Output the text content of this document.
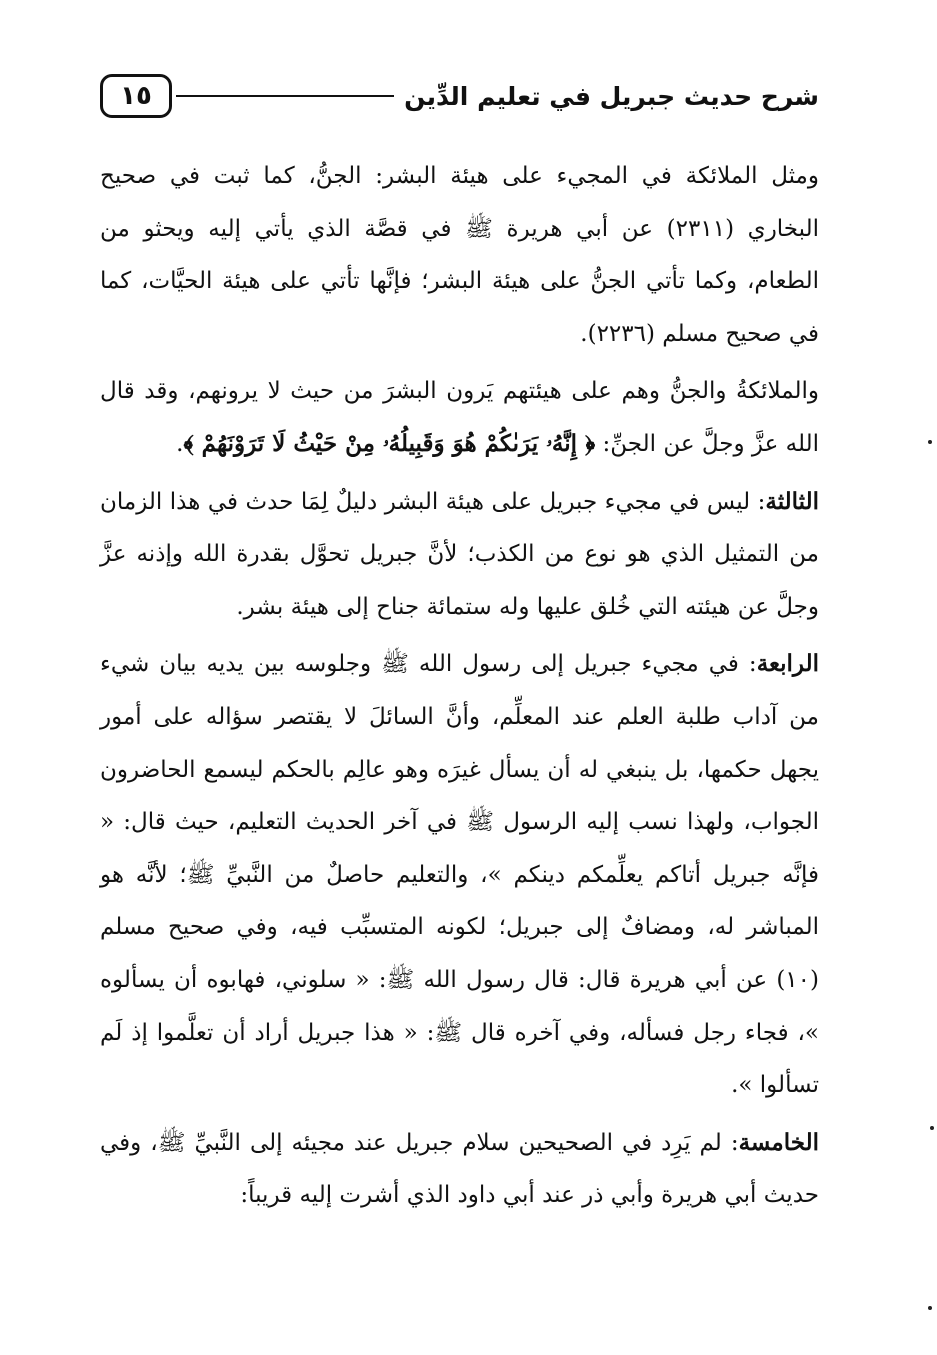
شرح حديث جبريل في تعليم الدِّين
١٥

ومثل الملائكة في المجيء على هيئة البشر: الجنُّ، كما ثبت في صحيح البخاري (٢٣١١) عن أبي هريرة ﷺ في قصَّة الذي يأتي إليه ويحثو من الطعام، وكما تأتي الجنُّ على هيئة البشر؛ فإنَّها تأتي على هيئة الحيَّات، كما في صحيح مسلم (٢٢٣٦).

والملائكةُ والجنُّ وهم على هيئتهم يَرون البشرَ من حيث لا يرونهم، وقد قال الله عزَّ وجلَّ عن الجنِّ: ﴿ إِنَّهُۥ يَرَىٰكُمْ هُوَ وَقَبِيلُهُۥ مِنْ حَيْثُ لَا تَرَوْنَهُمْ ﴾.

الثالثة: ليس في مجيء جبريل على هيئة البشر دليلٌ لِمَا حدث في هذا الزمان من التمثيل الذي هو نوع من الكذب؛ لأنَّ جبريل تحوَّل بقدرة الله وإذنه عزَّ وجلَّ عن هيئته التي خُلق عليها وله ستمائة جناح إلى هيئة بشر.

الرابعة: في مجيء جبريل إلى رسول الله ﷺ وجلوسه بين يديه بيان شيء من آداب طلبة العلم عند المعلِّم، وأنَّ السائلَ لا يقتصر سؤاله على أمور يجهل حكمها، بل ينبغي له أن يسأل غيرَه وهو عالِم بالحكم ليسمع الحاضرون الجواب، ولهذا نسب إليه الرسول ﷺ في آخر الحديث التعليم، حيث قال: « فإنَّه جبريل أتاكم يعلِّمكم دينكم »، والتعليم حاصلٌ من النَّبيِّ ﷺ؛ لأنَّه هو المباشر له، ومضافٌ إلى جبريل؛ لكونه المتسبِّب فيه، وفي صحيح مسلم (١٠) عن أبي هريرة قال: قال رسول الله ﷺ: « سلوني، فهابوه أن يسألوه »، فجاء رجل فسأله، وفي آخره قال ﷺ: « هذا جبريل أراد أن تعلَّموا إذ لَم تسألوا ».

الخامسة: لم يَرِد في الصحيحين سلام جبريل عند مجيئه إلى النَّبيِّ ﷺ، وفي حديث أبي هريرة وأبي ذر عند أبي داود الذي أشرت إليه قريباً:
